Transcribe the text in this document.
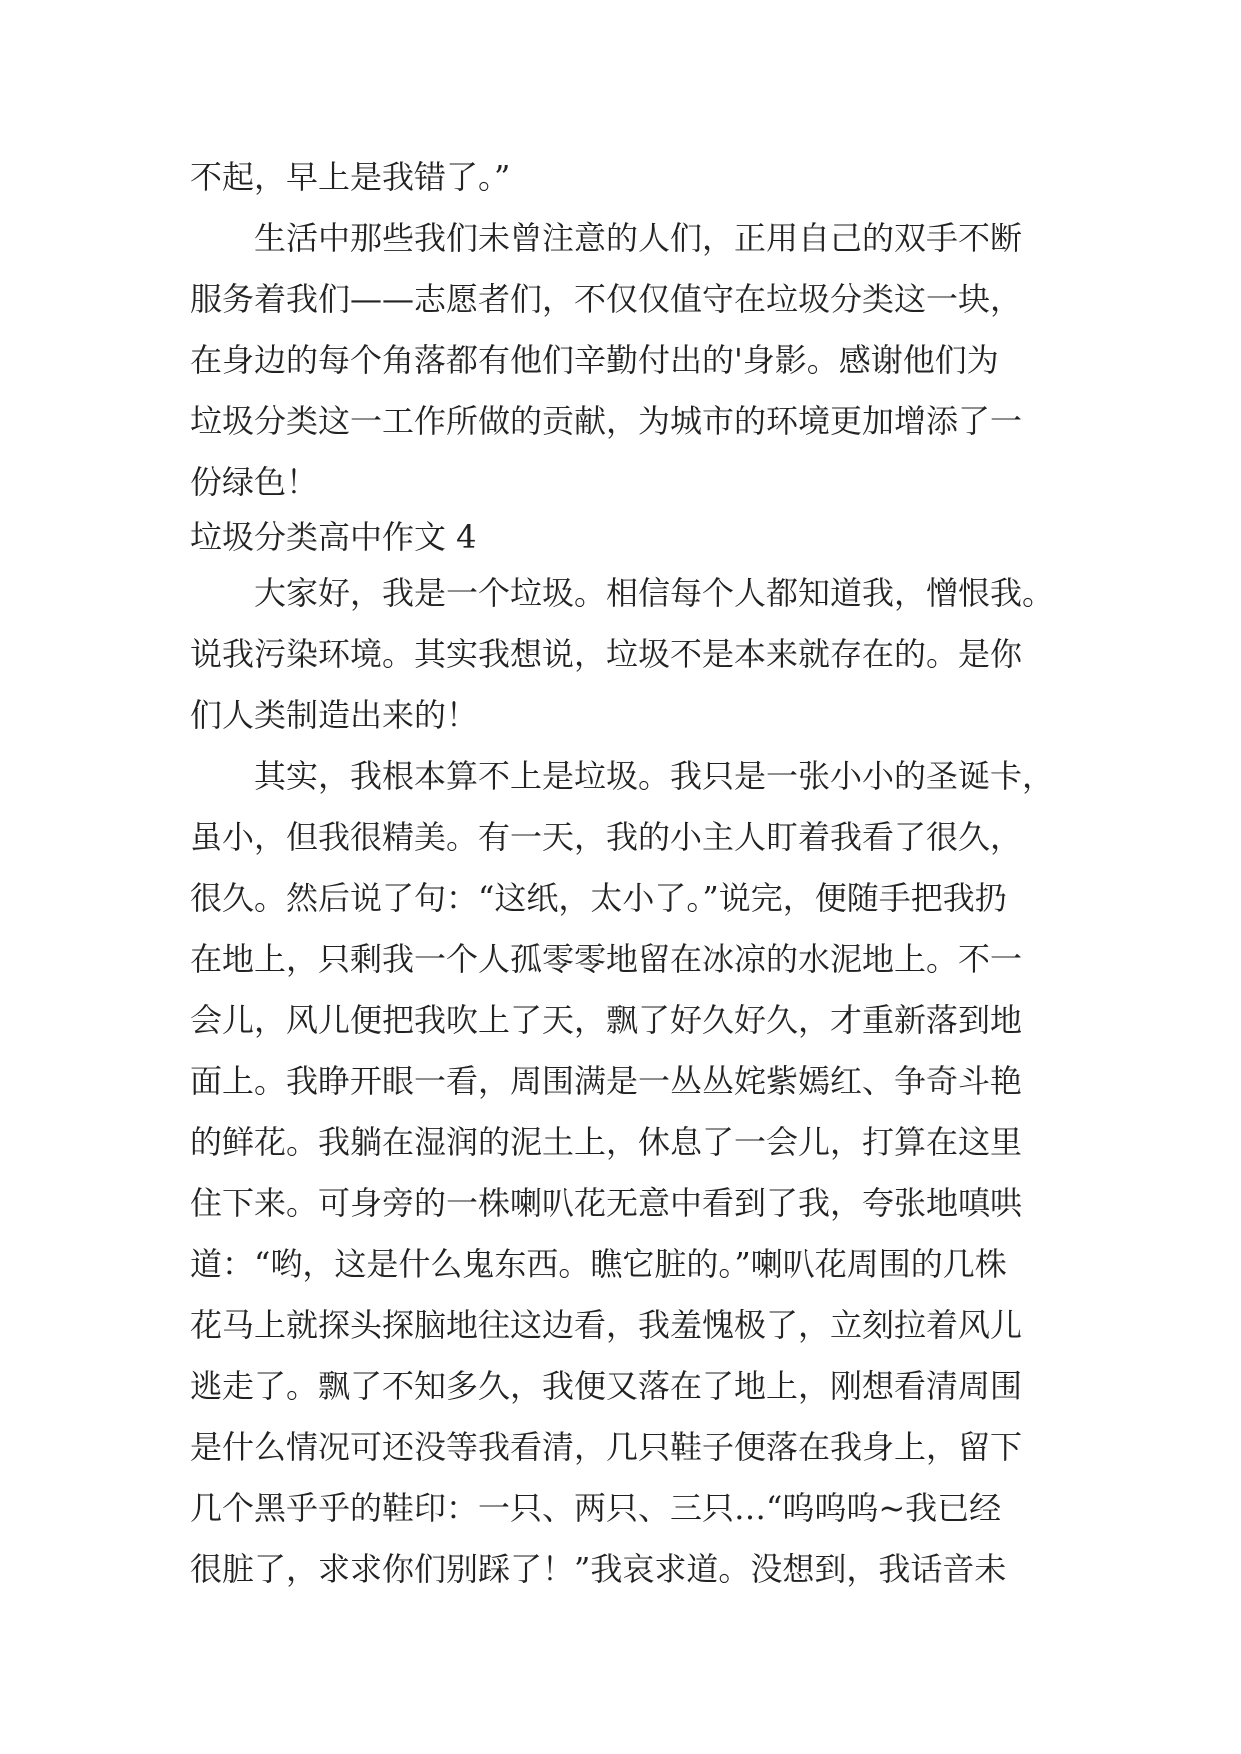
不起，早上是我错了。”
　　生活中那些我们未曾注意的人们，正用自己的双手不断
服务着我们——志愿者们，不仅仅值守在垃圾分类这一块，
在身边的每个角落都有他们辛勤付出的'身影。感谢他们为
垃圾分类这一工作所做的贡献，为城市的环境更加增添了一
份绿色！
垃圾分类高中作文 4
　　大家好，我是一个垃圾。相信每个人都知道我，憎恨我。
说我污染环境。其实我想说，垃圾不是本来就存在的。是你
们人类制造出来的！
　　其实，我根本算不上是垃圾。我只是一张小小的圣诞卡，
虽小，但我很精美。有一天，我的小主人盯着我看了很久，
很久。然后说了句：“这纸，太小了。”说完，便随手把我扔
在地上，只剩我一个人孤零零地留在冰凉的水泥地上。不一
会儿，风儿便把我吹上了天，飘了好久好久，才重新落到地
面上。我睁开眼一看，周围满是一丛丛姹紫嫣红、争奇斗艳
的鲜花。我躺在湿润的泥土上，休息了一会儿，打算在这里
住下来。可身旁的一株喇叭花无意中看到了我，夸张地嗔哄
道：“哟，这是什么鬼东西。瞧它脏的。”喇叭花周围的几株
花马上就探头探脑地往这边看，我羞愧极了，立刻拉着风儿
逃走了。飘了不知多久，我便又落在了地上，刚想看清周围
是什么情况可还没等我看清，几只鞋子便落在我身上，留下
几个黑乎乎的鞋印：一只、两只、三只…“呜呜呜~我已经
很脏了，求求你们别踩了！”我哀求道。没想到，我话音未
